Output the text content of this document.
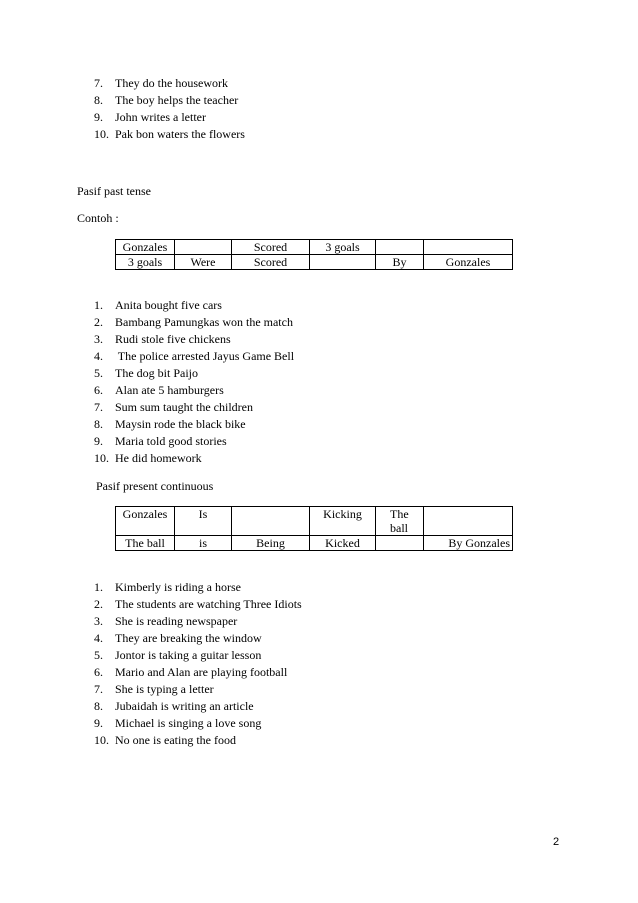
7. They do the housework
8. The boy helps the teacher
9. John writes a letter
10. Pak bon waters the flowers
Pasif past tense
Contoh :
Gonzales		Scored	3 goals		
3 goals	Were	Scored		By	Gonzales
1. Anita bought five cars
2. Bambang Pamungkas won the match
3. Rudi stole five chickens
4. The police arrested Jayus Game Bell
5. The dog bit Paijo
6. Alan ate 5 hamburgers
7. Sum sum taught the children
8. Maysin rode the black bike
9. Maria told good stories
10. He did homework
Pasif present continuous
Gonzales	Is		Kicking	The ball	
The ball	is	Being	Kicked		By Gonzales
1. Kimberly is riding a horse
2. The students are watching Three Idiots
3. She is reading newspaper
4. They are breaking the window
5. Jontor is taking a guitar lesson
6. Mario and Alan are playing football
7. She is typing a letter
8. Jubaidah is writing an article
9. Michael is singing a love song
10. No one is eating the food
2
